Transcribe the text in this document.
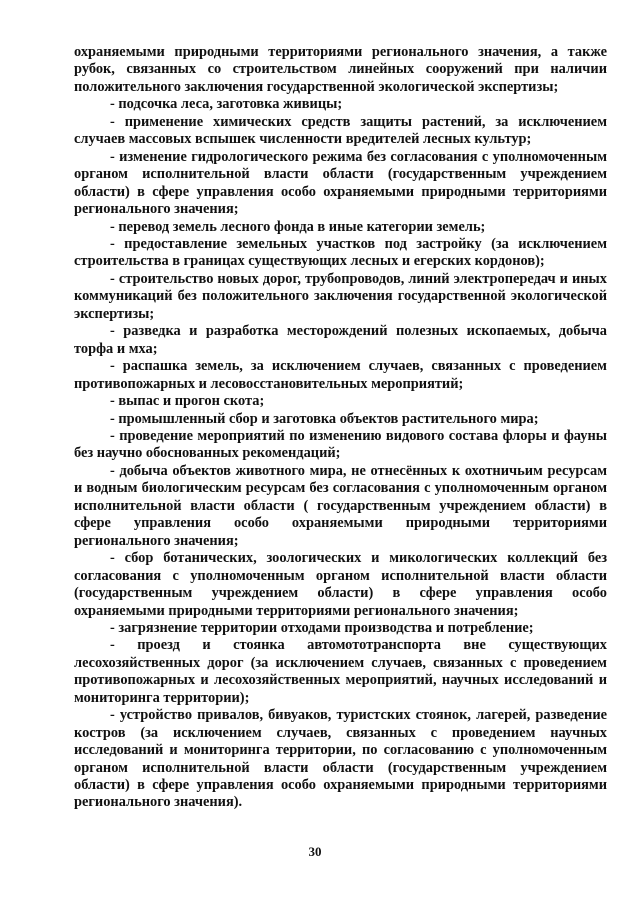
охраняемыми природными территориями регионального значения, а также рубок, связанных со строительством линейных сооружений при наличии положительного заключения государственной экологической экспертизы;

- подсочка леса, заготовка живицы;

- применение химических средств защиты растений, за исключением случаев массовых вспышек численности вредителей лесных культур;

- изменение гидрологического режима без согласования с уполномоченным органом исполнительной власти области (государственным учреждением области) в сфере управления особо охраняемыми природными территориями регионального значения;

- перевод земель лесного фонда в иные категории земель;

- предоставление земельных участков под застройку (за исключением строительства в границах существующих лесных и егерских кордонов);

- строительство новых дорог, трубопроводов, линий электропередач и иных коммуникаций без положительного заключения государственной экологической экспертизы;

- разведка и разработка месторождений полезных ископаемых, добыча торфа и мха;

- распашка земель, за исключением случаев, связанных с проведением противопожарных и лесовосстановительных мероприятий;

- выпас и прогон скота;

- промышленный сбор и заготовка объектов растительного мира;

- проведение мероприятий по изменению видового состава флоры и фауны без научно обоснованных рекомендаций;

- добыча объектов животного мира, не отнесённых к охотничьим ресурсам и водным биологическим ресурсам без согласования с уполномоченным органом исполнительной власти области ( государственным учреждением области) в сфере управления особо охраняемыми природными территориями регионального значения;

- сбор ботанических, зоологических и микологических коллекций без согласования с уполномоченным органом исполнительной власти области (государственным учреждением области) в сфере управления особо охраняемыми природными территориями регионального значения;

- загрязнение территории отходами производства и потребление;

- проезд и стоянка автомототранспорта вне существующих лесохозяйственных дорог (за исключением случаев, связанных с проведением противопожарных и лесохозяйственных мероприятий, научных исследований и мониторинга территории);

- устройство привалов, бивуаков, туристских стоянок, лагерей, разведение костров (за исключением случаев, связанных с проведением научных исследований и мониторинга территории, по согласованию с уполномоченным органом исполнительной власти области (государственным учреждением области) в сфере управления особо охраняемыми природными территориями регионального значения).

30
